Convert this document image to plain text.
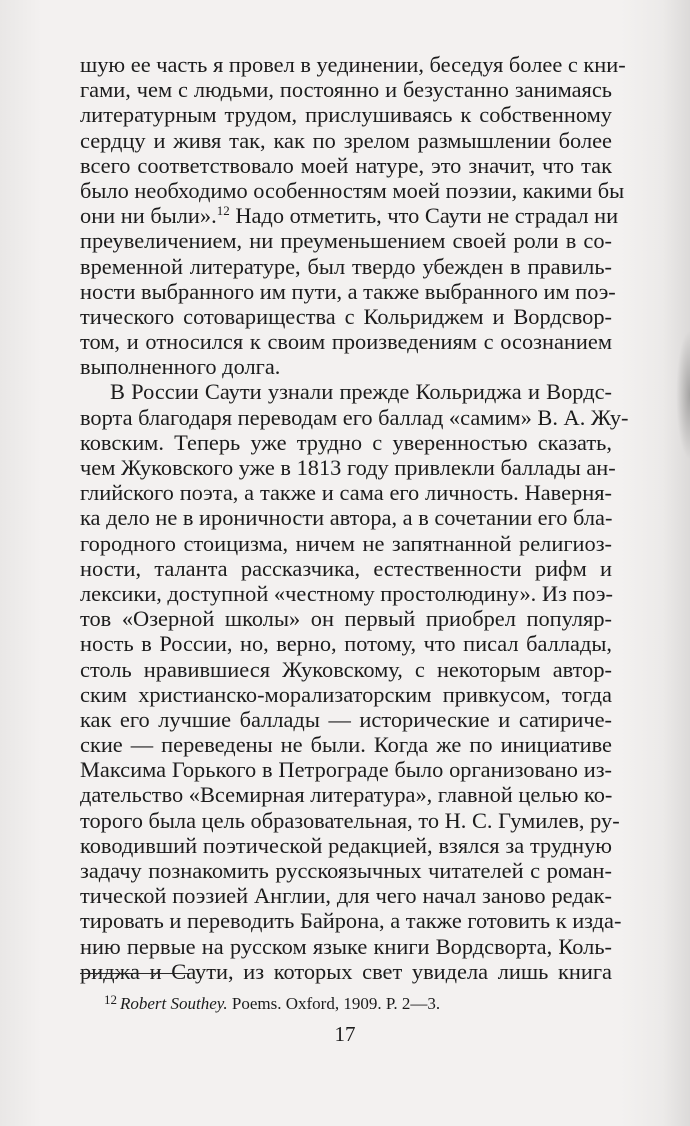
шую ее часть я провел в уединении, беседуя более с кни-
гами, чем с людьми, постоянно и безустанно занимаясь
литературным трудом, прислушиваясь к собственному
сердцу и живя так, как по зрелом размышлении более
всего соответствовало моей натуре, это значит, что так
было необходимо особенностям моей поэзии, какими бы
они ни были».$^{12}$ Надо отметить, что Саути не страдал ни
преувеличением, ни преуменьшением своей роли в со-
временной литературе, был твердо убежден в правиль-
ности выбранного им пути, а также выбранного им поэ-
тического сотоварищества с Кольриджем и Вордсвор-
том, и относился к своим произведениям с осознанием
выполненного долга.
В России Саути узнали прежде Кольриджа и Вордс-
ворта благодаря переводам его баллад «самим» В. А. Жу-
ковским. Теперь уже трудно с уверенностью сказать,
чем Жуковского уже в 1813 году привлекли баллады ан-
глийского поэта, а также и сама его личность. Наверня-
ка дело не в ироничности автора, а в сочетании его бла-
городного стоицизма, ничем не запятнанной религиоз-
ности, таланта рассказчика, естественности рифм и
лексики, доступной «честному простолюдину». Из поэ-
тов «Озерной школы» он первый приобрел популяр-
ность в России, но, верно, потому, что писал баллады,
столь нравившиеся Жуковскому, с некоторым автор-
ским христианско-морализаторским привкусом, тогда
как его лучшие баллады — исторические и сатириче-
ские — переведены не были. Когда же по инициативе
Максима Горького в Петрограде было организовано из-
дательство «Всемирная литература», главной целью ко-
торого была цель образовательная, то Н. С. Гумилев, ру-
ководивший поэтической редакцией, взялся за трудную
задачу познакомить русскоязычных читателей с роман-
тической поэзией Англии, для чего начал заново редак-
тировать и переводить Байрона, а также готовить к изда-
нию первые на русском языке книги Вордсворта, Коль-
риджа и Саути, из которых свет увидела лишь книга
$^{12}$ Robert Southey. Poems. Oxford, 1909. P. 2—3.
17
